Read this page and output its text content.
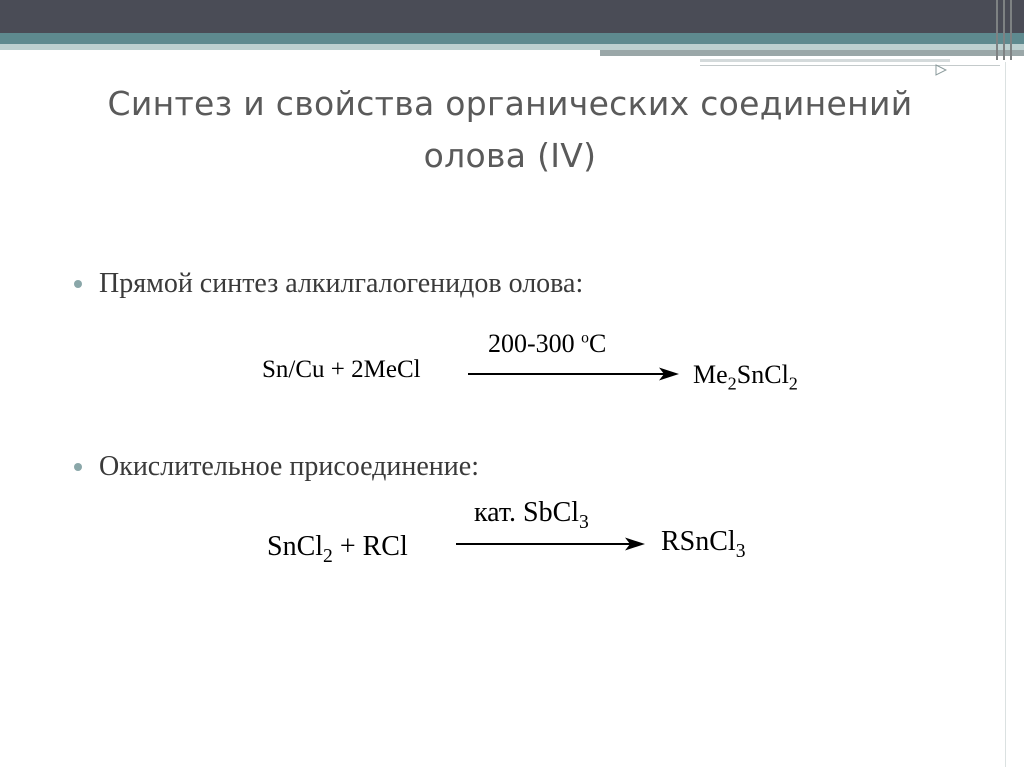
Синтез и свойства органических соединений
олова (IV)
Прямой синтез алкилгалогенидов олова:
Sn/Cu + 2MeCl
200-300 $^o$C
$Me_2SnCl_2$
Окислительное присоединение:
SnCl$_2$ + RCl
кат. SbCl$_3$
RSnCl$_3$
